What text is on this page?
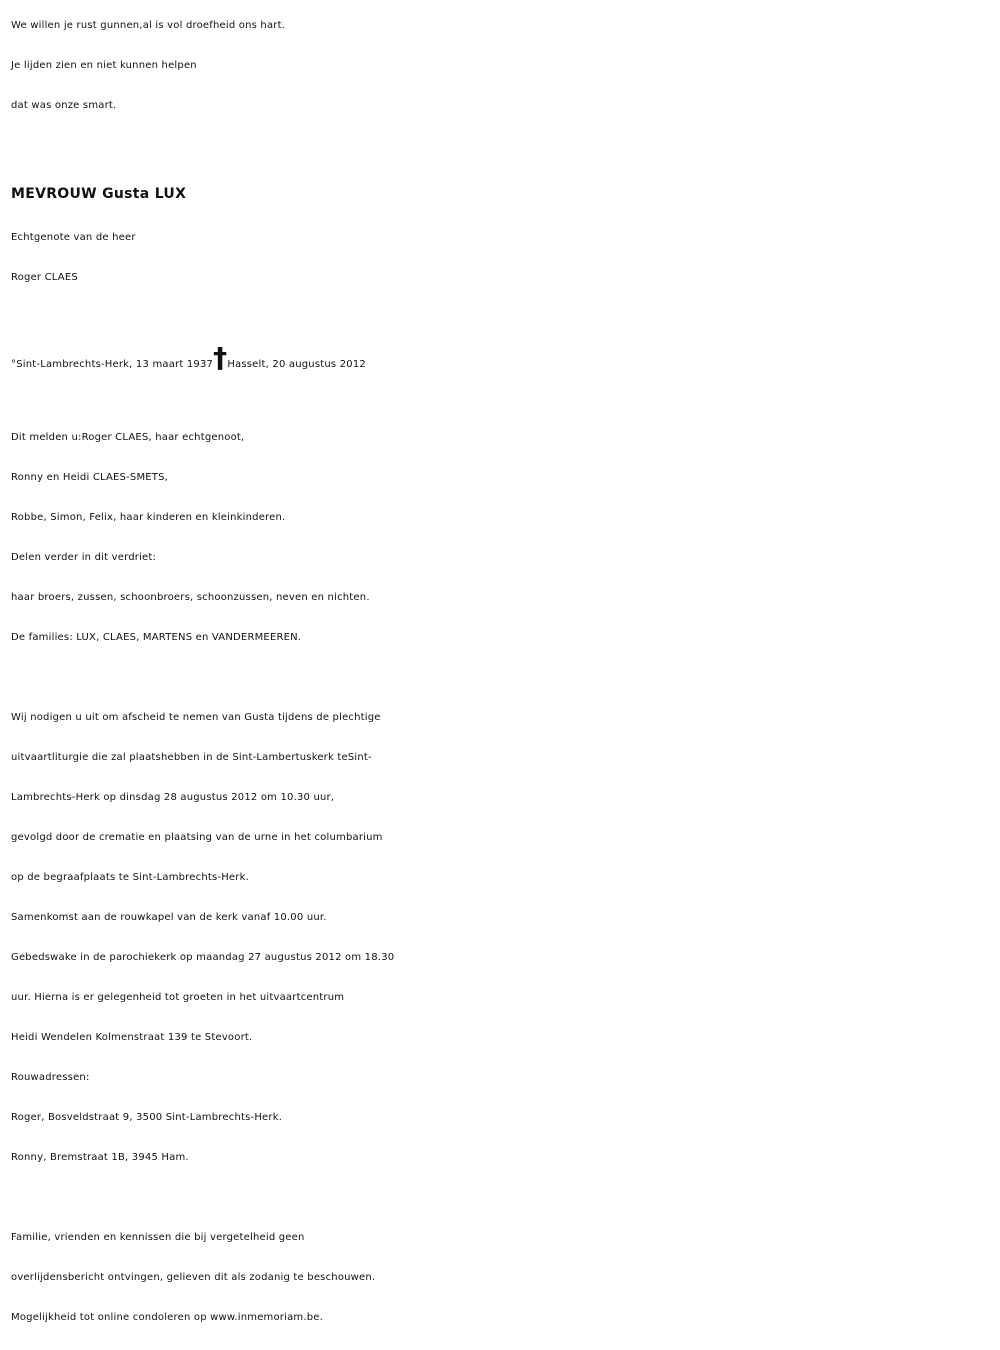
We willen je rust gunnen,al is vol droefheid ons hart.
Je lijden zien en niet kunnen helpen
dat was onze smart.
MEVROUW Gusta LUX
Echtgenote van de heer
Roger CLAES
°Sint-Lambrechts-Herk, 13 maart 1937†Hasselt, 20 augustus 2012
Dit melden u:Roger CLAES, haar echtgenoot,
Ronny en Heidi CLAES-SMETS,
Robbe, Simon, Felix, haar kinderen en kleinkinderen.
Delen verder in dit verdriet:
haar broers, zussen, schoonbroers, schoonzussen, neven en nichten.
De families: LUX, CLAES, MARTENS en VANDERMEEREN.
Wij nodigen u uit om afscheid te nemen van Gusta tijdens de plechtige
uitvaartliturgie die zal plaatshebben in de Sint-Lambertuskerk teSint-
Lambrechts-Herk op dinsdag 28 augustus 2012 om 10.30 uur,
gevolgd door de crematie en plaatsing van de urne in het columbarium
op de begraafplaats te Sint-Lambrechts-Herk.
Samenkomst aan de rouwkapel van de kerk vanaf 10.00 uur.
Gebedswake in de parochiekerk op maandag 27 augustus 2012 om 18.30
uur. Hierna is er gelegenheid tot groeten in het uitvaartcentrum
Heidi Wendelen Kolmenstraat 139 te Stevoort.
Rouwadressen:
Roger, Bosveldstraat 9, 3500 Sint-Lambrechts-Herk.
Ronny, Bremstraat 1B, 3945 Ham.
Familie, vrienden en kennissen die bij vergetelheid geen
overlijdensbericht ontvingen, gelieven dit als zodanig te beschouwen.
Mogelijkheid tot online condoleren op www.inmemoriam.be.
